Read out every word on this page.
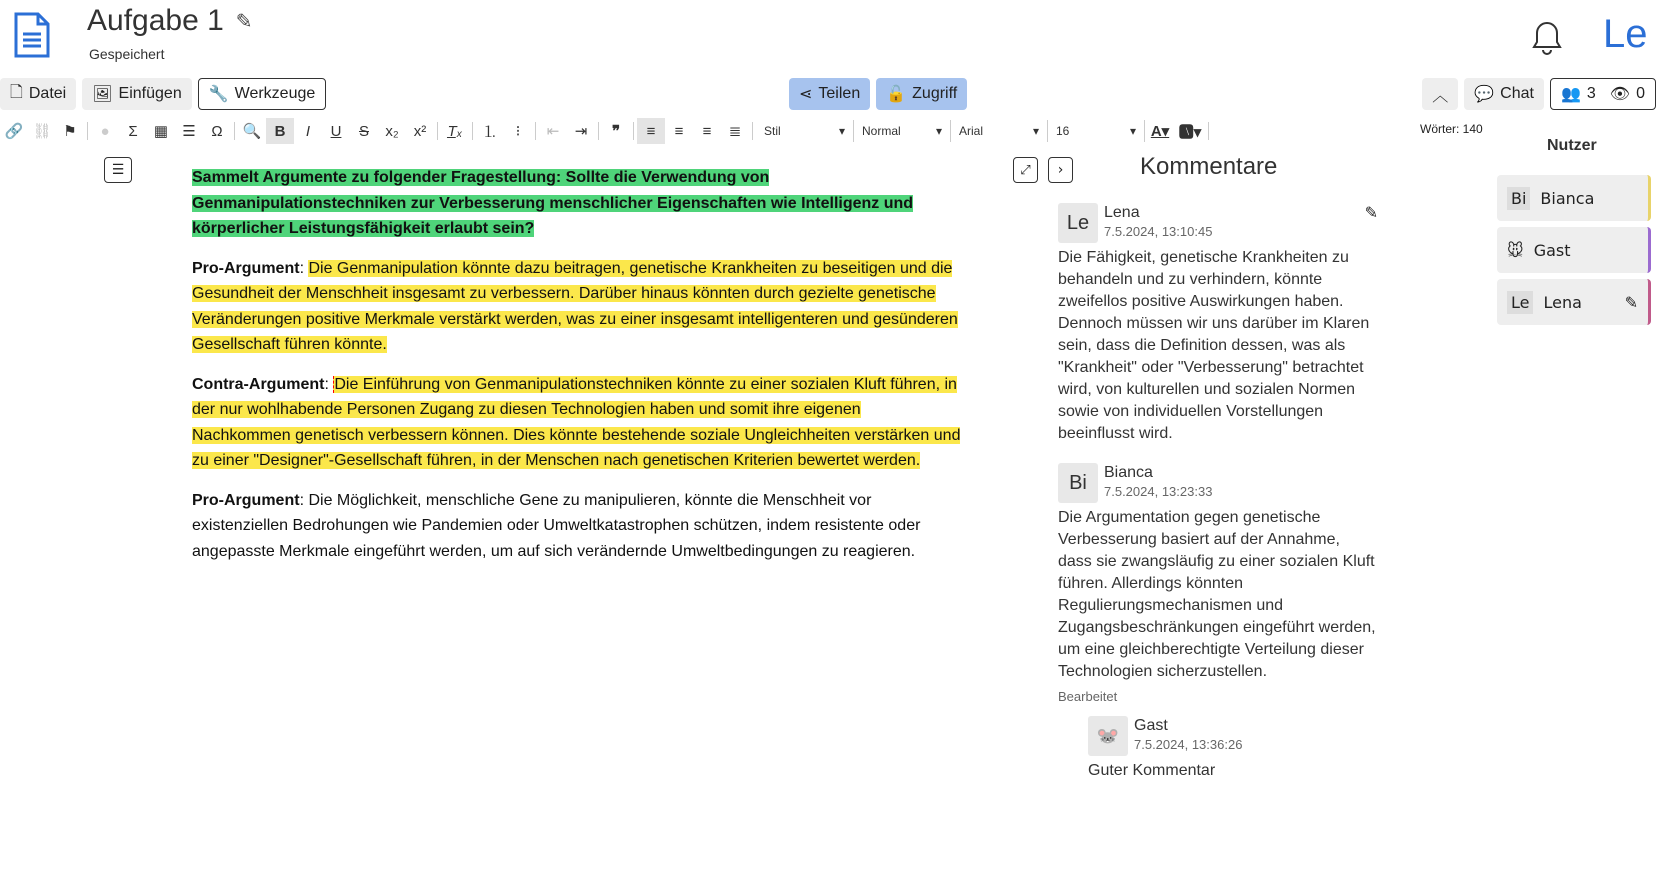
Aufgabe 1 ✎
Gespeichert	Le
🗋 Datei 🖼 Einfügen 🔧 Werkzeuge	⋖ Teilen 🔓 Zugriff	︿ 💬 Chat 👥 3 👁 0
🔗 ⛓ ⚑	●	Σ	▦ ☰	Ω	🔍 B	I	U	S	x₂	x²	T̲ₓ	⒈	⁝	⇤	⇥	❞	≡	≡	≡	≣	Stil	▾ Normal	▾ Arial	▾ 16	▾ A▾ 🅰▾	Wörter: 140
☰	Sammelt Argumente zu folgender Fragestellung: Sollte die Verwendung von Genmanipulationstechniken zur Verbesserung menschlicher Eigenschaften wie Intelligenz und körperlicher Leistungsfähigkeit erlaubt sein?

Pro-Argument: Die Genmanipulation könnte dazu beitragen, genetische Krankheiten zu beseitigen und die Gesundheit der Menschheit insgesamt zu verbessern. Darüber hinaus könnten durch gezielte genetische Veränderungen positive Merkmale verstärkt werden, was zu einer insgesamt intelligenteren und gesünderen Gesellschaft führen könnte.

Contra-Argument: Die Einführung von Genmanipulationstechniken könnte zu einer sozialen Kluft führen, in der nur wohlhabende Personen Zugang zu diesen Technologien haben und somit ihre eigenen Nachkommen genetisch verbessern können. Dies könnte bestehende soziale Ungleichheiten verstärken und zu einer "Designer"-Gesellschaft führen, in der Menschen nach genetischen Kriterien bewertet werden.

Pro-Argument: Die Möglichkeit, menschliche Gene zu manipulieren, könnte die Menschheit vor existenziellen Bedrohungen wie Pandemien oder Umweltkatastrophen schützen, indem resistente oder angepasste Merkmale eingeführt werden, um auf sich verändernde Umweltbedingungen zu reagieren.

⤢	›	Kommentare
Le Lena
7.5.2024, 13:10:45
✎
Die Fähigkeit, genetische Krankheiten zu behandeln und zu verhindern, könnte zweifellos positive Auswirkungen haben. Dennoch müssen wir uns darüber im Klaren sein, dass die Definition dessen, was als "Krankheit" oder "Verbesserung" betrachtet wird, von kulturellen und sozialen Normen sowie von individuellen Vorstellungen beeinflusst wird.
Bi	Bianca
7.5.2024, 13:23:33
Die Argumentation gegen genetische Verbesserung basiert auf der Annahme, dass sie zwangsläufig zu einer sozialen Kluft führen. Allerdings könnten Regulierungsmechanismen und Zugangsbeschränkungen eingeführt werden, um eine gleichberechtigte Verteilung dieser Technologien sicherzustellen.
Bearbeitet
🐭 Gast
7.5.2024, 13:36:26
Guter Kommentar
Nutzer
Bi Bianca
🐭 Gast
Le Lena	✎
